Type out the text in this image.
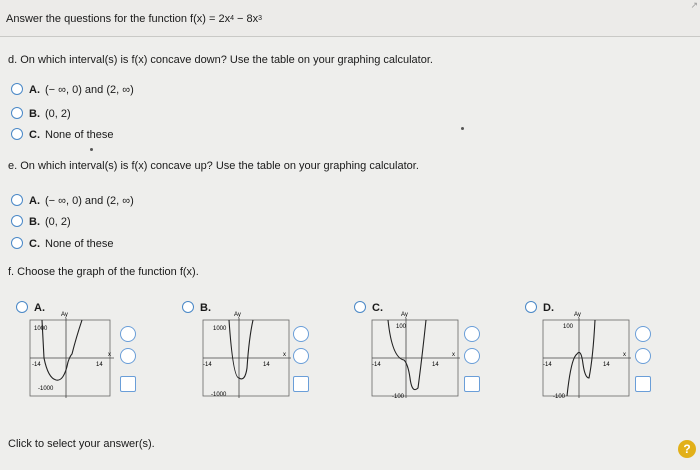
Answer the questions for the function $f(x) = 2x^4 - 8x^3$
↗
d. On which interval(s) is f(x) concave down? Use the table on your graphing calculator.
A. (− ∞, 0) and (2, ∞)
B. (0, 2)
C. None of these
e. On which interval(s) is f(x) concave up? Use the table on your graphing calculator.
A. (− ∞, 0) and (2, ∞)
B. (0, 2)
C. None of these
f. Choose the graph of the function f(x).
A.
Ay
x
1000
-1000
-14	14
B.
Ay
x
1000
-1000
-14	14
C.
Ay
x
100
-100
-14	14
D.
Ay
x
100
-100
-14	14
Click to select your answer(s).	?
